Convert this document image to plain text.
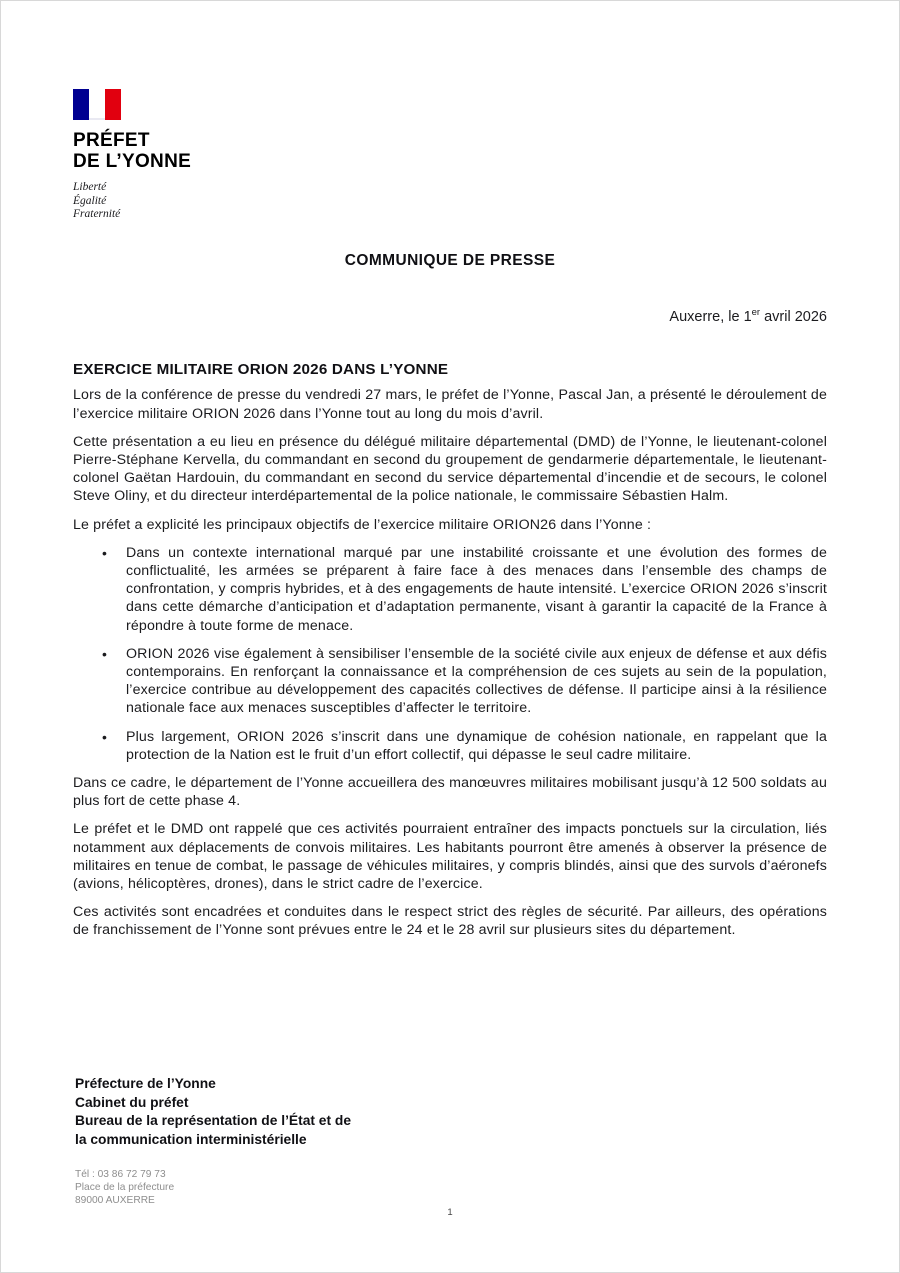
PRÉFET
DE L’YONNE
Liberté
Égalité
Fraternité
COMMUNIQUE DE PRESSE
Auxerre, le 1er avril 2026
EXERCICE MILITAIRE ORION 2026 DANS L’YONNE

Lors de la conférence de presse du vendredi 27 mars, le préfet de l’Yonne, Pascal Jan, a présenté le déroulement de l’exercice militaire ORION 2026 dans l’Yonne tout au long du mois d’avril.

Cette présentation a eu lieu en présence du délégué militaire départemental (DMD) de l’Yonne, le lieutenant-colonel Pierre-Stéphane Kervella, du commandant en second du groupement de gendarmerie départementale, le lieutenant-colonel Gaëtan Hardouin, du commandant en second du service départemental d’incendie et de secours, le colonel Steve Oliny, et du directeur interdépartemental de la police nationale, le commissaire Sébastien Halm.

Le préfet a explicité les principaux objectifs de l’exercice militaire ORION26 dans l’Yonne :

•	Dans un contexte international marqué par une instabilité croissante et une évolution des formes de conflictualité, les armées se préparent à faire face à des menaces dans l’ensemble des champs de confrontation, y compris hybrides, et à des engagements de haute intensité. L’exercice ORION 2026 s’inscrit dans cette démarche d’anticipation et d’adaptation permanente, visant à garantir la capacité de la France à répondre à toute forme de menace.

•	ORION 2026 vise également à sensibiliser l’ensemble de la société civile aux enjeux de défense et aux défis contemporains. En renforçant la connaissance et la compréhension de ces sujets au sein de la population, l’exercice contribue au développement des capacités collectives de défense. Il participe ainsi à la résilience nationale face aux menaces susceptibles d’affecter le territoire.

•	Plus largement, ORION 2026 s’inscrit dans une dynamique de cohésion nationale, en rappelant que la protection de la Nation est le fruit d’un effort collectif, qui dépasse le seul cadre militaire.

Dans ce cadre, le département de l’Yonne accueillera des manœuvres militaires mobilisant jusqu’à 12 500 soldats au plus fort de cette phase 4.

Le préfet et le DMD ont rappelé que ces activités pourraient entraîner des impacts ponctuels sur la circulation, liés notamment aux déplacements de convois militaires. Les habitants pourront être amenés à observer la présence de militaires en tenue de combat, le passage de véhicules militaires, y compris blindés, ainsi que des survols d’aéronefs (avions, hélicoptères, drones), dans le strict cadre de l’exercice.

Ces activités sont encadrées et conduites dans le respect strict des règles de sécurité. Par ailleurs, des opérations de franchissement de l’Yonne sont prévues entre le 24 et le 28 avril sur plusieurs sites du département.

Préfecture de l’Yonne
Cabinet du préfet
Bureau de la représentation de l’État et de
la communication interministérielle
Tél : 03 86 72 79 73
Place de la préfecture
89000 AUXERRE
1
